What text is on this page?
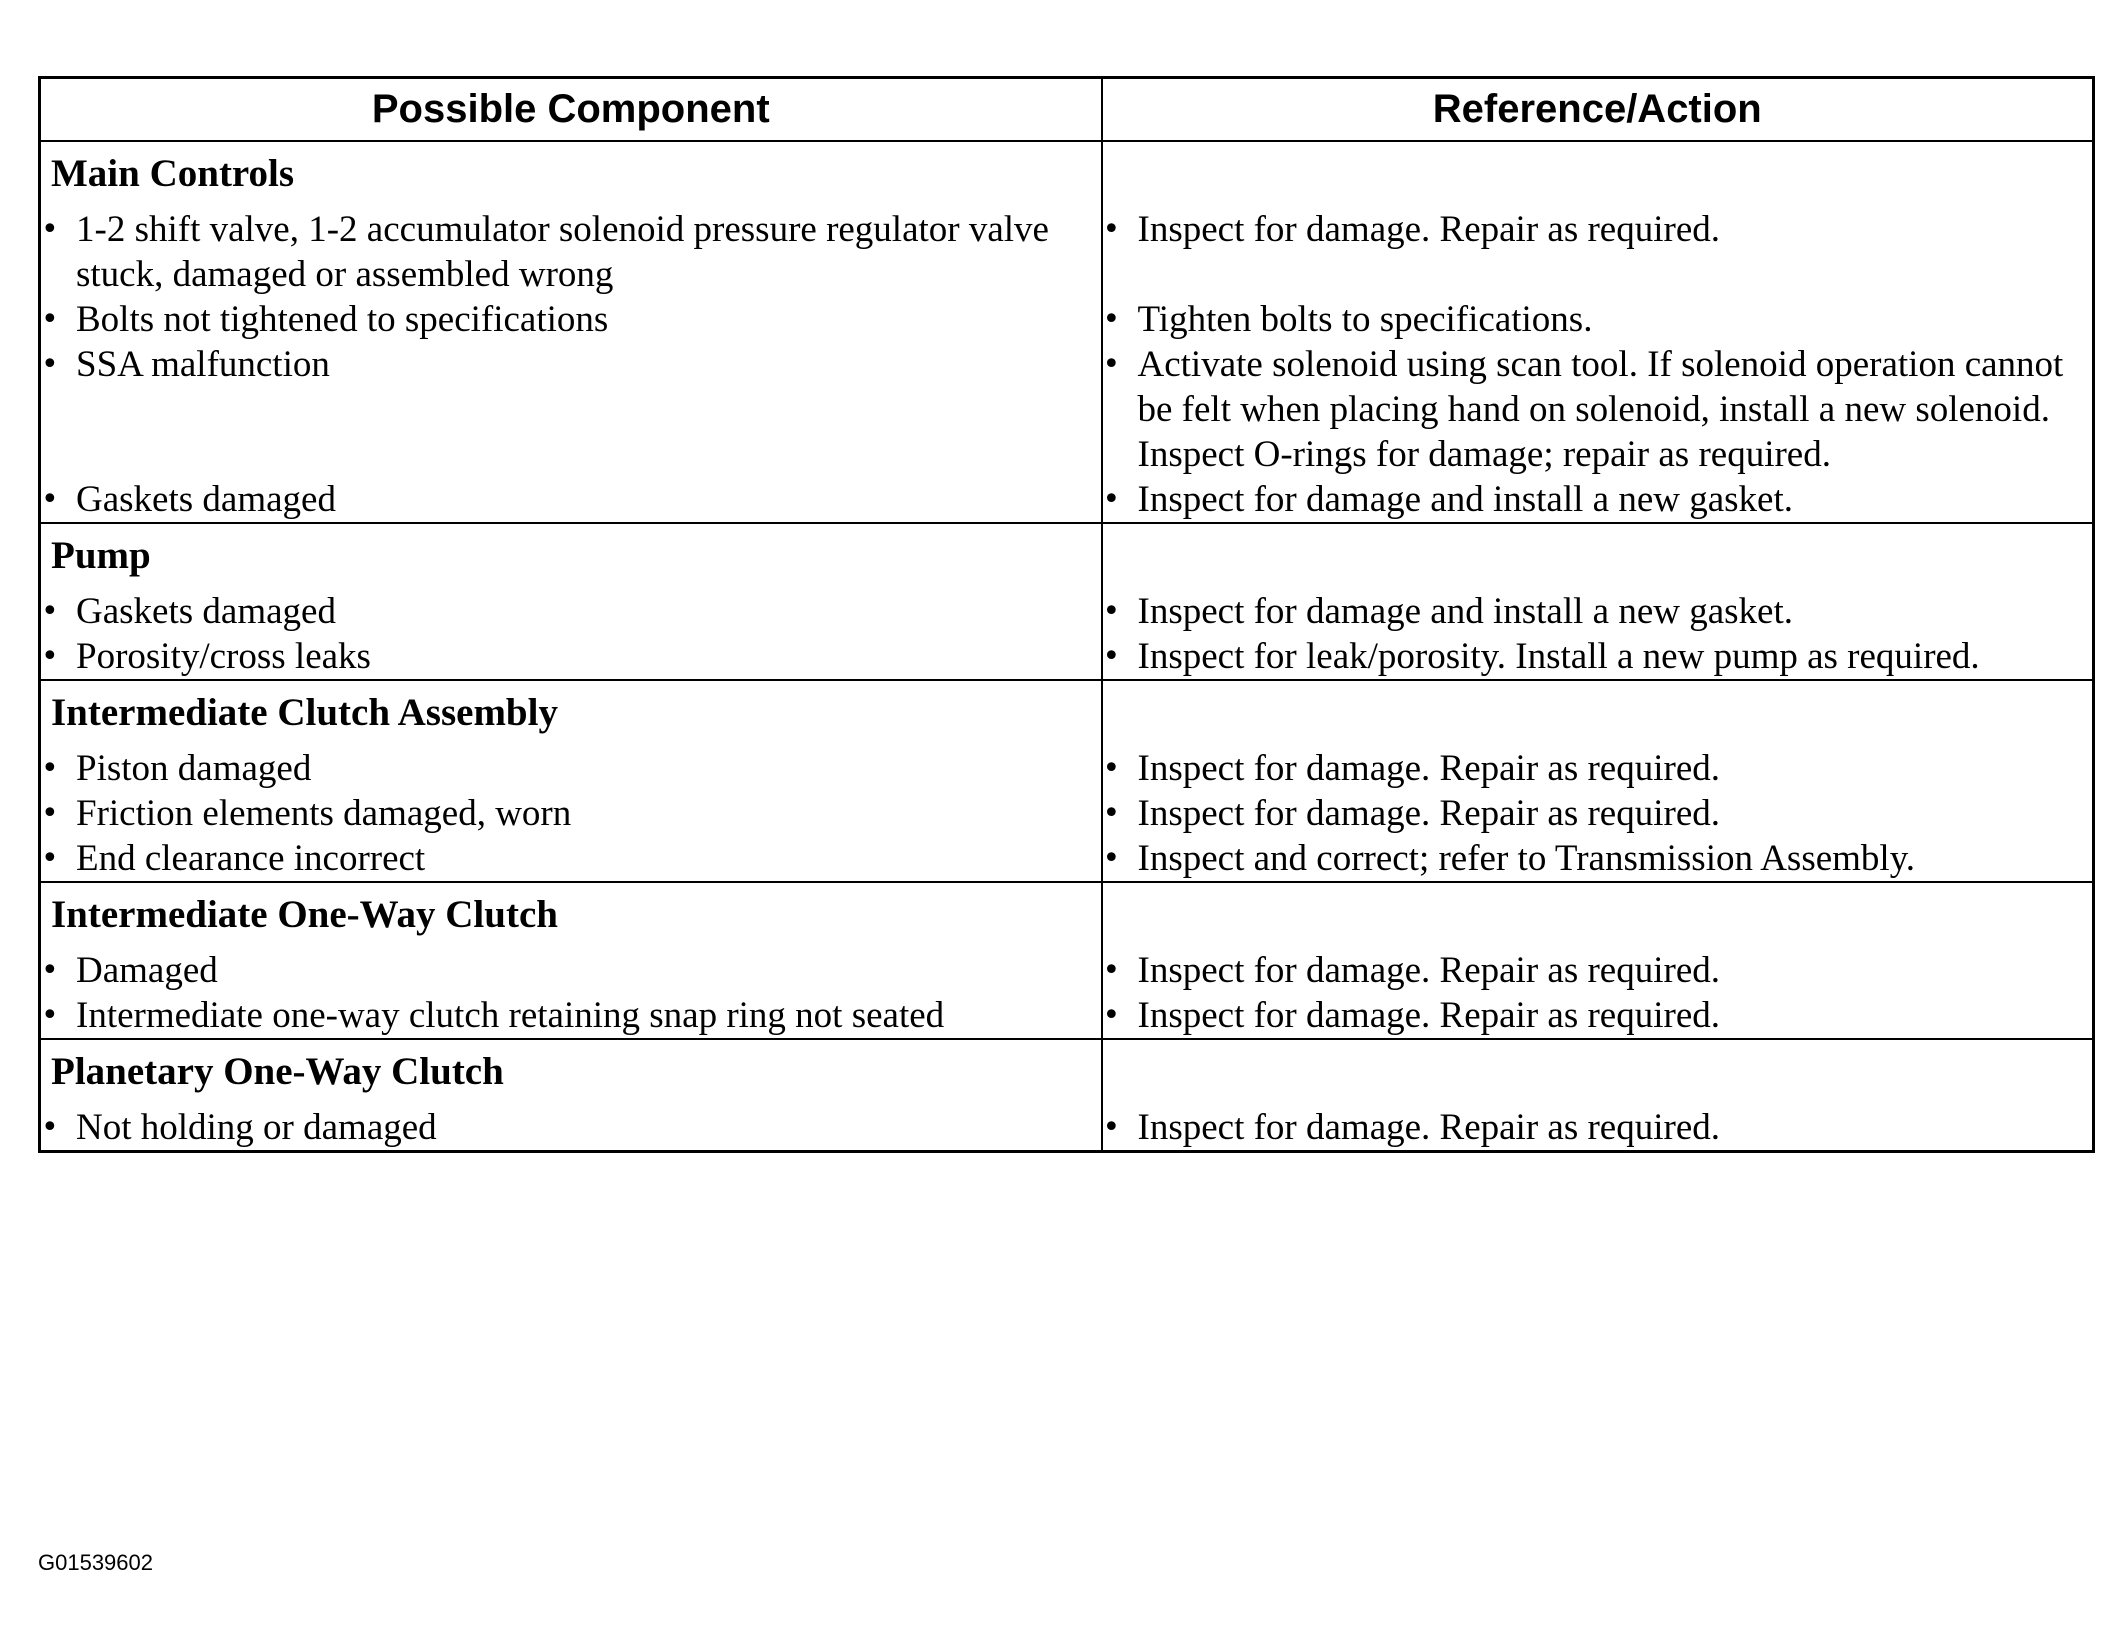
Possible Component	Reference/Action
Main Controls	

• 1-2 shift valve, 1-2 accumulator solenoid pressure regulator valve stuck, damaged or assembled wrong	• Inspect for damage. Repair as required.

• Bolts not tightened to specifications	• Tighten bolts to specifications.

• SSA malfunction	• Activate solenoid using scan tool. If solenoid operation cannot be felt when placing hand on solenoid, install a new solenoid. Inspect O-rings for damage; repair as required.

• Gaskets damaged	• Inspect for damage and install a new gasket.

Pump	

• Gaskets damaged	• Inspect for damage and install a new gasket.

• Porosity/cross leaks	• Inspect for leak/porosity. Install a new pump as required.

Intermediate Clutch Assembly	

• Piston damaged	• Inspect for damage. Repair as required.

• Friction elements damaged, worn	• Inspect for damage. Repair as required.

• End clearance incorrect	• Inspect and correct; refer to Transmission Assembly.

Intermediate One-Way Clutch	

• Damaged	• Inspect for damage. Repair as required.

• Intermediate one-way clutch retaining snap ring not seated	• Inspect for damage. Repair as required.

Planetary One-Way Clutch	

• Not holding or damaged	• Inspect for damage. Repair as required.
G01539602
